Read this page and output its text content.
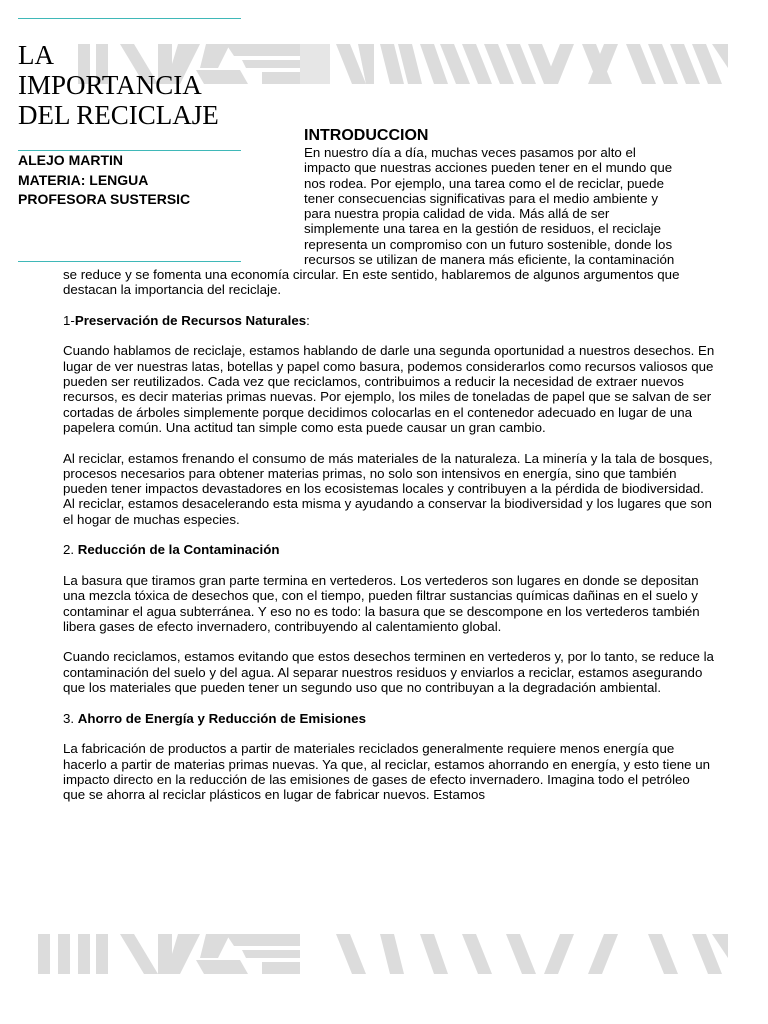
LA
IMPORTANCIA
DEL RECICLAJE
ALEJO MARTIN
MATERIA: LENGUA
PROFESORA SUSTERSIC
INTRODUCCION
En nuestro día a día, muchas veces pasamos por alto el
impacto que nuestras acciones pueden tener en el mundo que
nos rodea. Por ejemplo, una tarea como el de reciclar, puede
tener consecuencias significativas para el medio ambiente y
para nuestra propia calidad de vida. Más allá de ser
simplemente una tarea en la gestión de residuos, el reciclaje
representa un compromiso con un futuro sostenible, donde los
recursos se utilizan de manera más eficiente, la contaminación

se reduce y se fomenta una economía circular. En este sentido, hablaremos de algunos argumentos que destacan la importancia del reciclaje.

1-Preservación de Recursos Naturales:

Cuando hablamos de reciclaje, estamos hablando de darle una segunda oportunidad a nuestros desechos. En lugar de ver nuestras latas, botellas y papel como basura, podemos considerarlos como recursos valiosos que pueden ser reutilizados. Cada vez que reciclamos, contribuimos a reducir la necesidad de extraer nuevos recursos, es decir materias primas nuevas. Por ejemplo, los miles de toneladas de papel que se salvan de ser cortadas de árboles simplemente porque decidimos colocarlas en el contenedor adecuado en lugar de una papelera común. Una actitud tan simple como esta puede causar un gran cambio.

Al reciclar, estamos frenando el consumo de más materiales de la naturaleza. La minería y la tala de bosques, procesos necesarios para obtener materias primas, no solo son intensivos en energía, sino que también pueden tener impactos devastadores en los ecosistemas locales y contribuyen a la pérdida de biodiversidad.

Al reciclar, estamos desacelerando esta misma y ayudando a conservar la biodiversidad y los lugares que son el hogar de muchas especies.

2. Reducción de la Contaminación

La basura que tiramos gran parte termina en vertederos. Los vertederos son lugares en donde se depositan una mezcla tóxica de desechos que, con el tiempo, pueden filtrar sustancias químicas dañinas en el suelo y contaminar el agua subterránea. Y eso no es todo: la basura que se descompone en los vertederos también libera gases de efecto invernadero, contribuyendo al calentamiento global.

Cuando reciclamos, estamos evitando que estos desechos terminen en vertederos y, por lo tanto, se reduce la contaminación del suelo y del agua. Al separar nuestros residuos y enviarlos a reciclar, estamos asegurando que los materiales que pueden tener un segundo uso que no contribuyan a la degradación ambiental.

3. Ahorro de Energía y Reducción de Emisiones

La fabricación de productos a partir de materiales reciclados generalmente requiere menos energía que hacerlo a partir de materias primas nuevas. Ya que, al reciclar, estamos ahorrando en energía, y esto tiene un impacto directo en la reducción de las emisiones de gases de efecto invernadero. Imagina todo el petróleo que se ahorra al reciclar plásticos en lugar de fabricar nuevos. Estamos
